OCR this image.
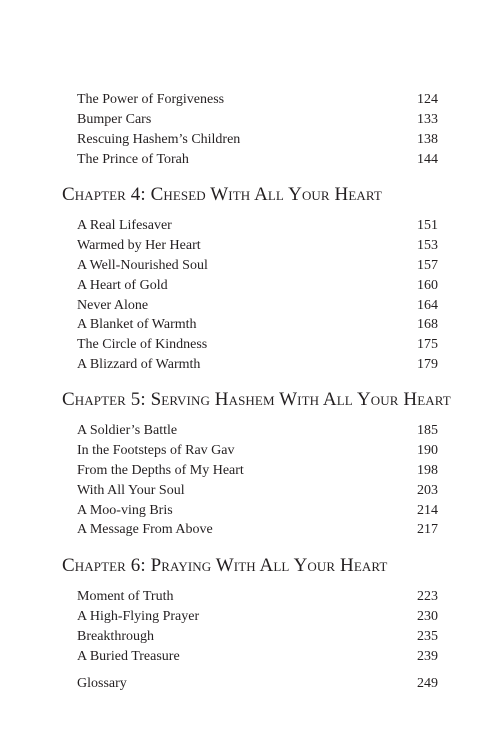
The Power of Forgiveness	124
Bumper Cars	133
Rescuing Hashem’s Children	138
The Prince of Torah	144
Chapter 4: Chesed With All Your Heart
A Real Lifesaver	151
Warmed by Her Heart	153
A Well-Nourished Soul	157
A Heart of Gold	160
Never Alone	164
A Blanket of Warmth	168
The Circle of Kindness	175
A Blizzard of Warmth	179
Chapter 5: Serving Hashem With All Your Heart
A Soldier’s Battle	185
In the Footsteps of Rav Gav	190
From the Depths of My Heart	198
With All Your Soul	203
A Moo-ving Bris	214
A Message From Above	217
Chapter 6: Praying With All Your Heart
Moment of Truth	223
A High-Flying Prayer	230
Breakthrough	235
A Buried Treasure	239
Glossary	249
